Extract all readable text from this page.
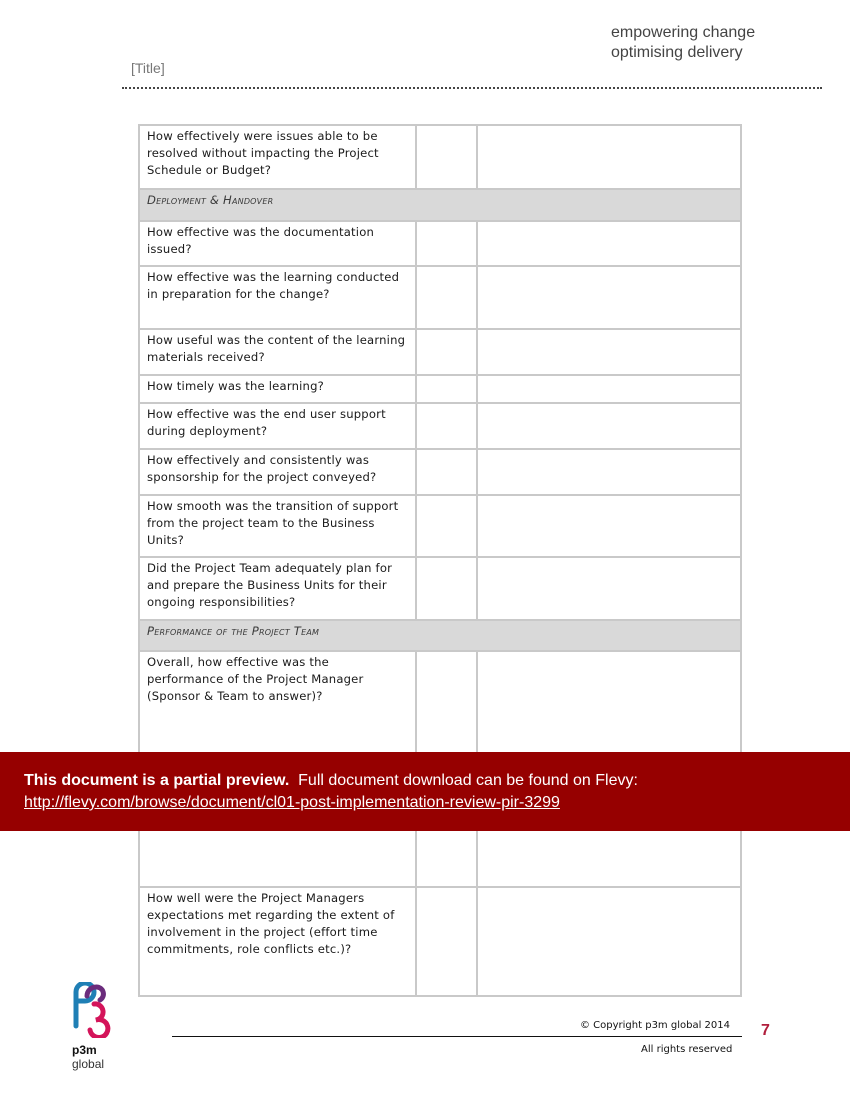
empowering change
optimising delivery
[Title]
How effectively were issues able to be resolved without impacting the Project Schedule or Budget?		
Deployment & Handover		
How effective was the documentation issued?		
How effective was the learning conducted in preparation for the change?		
How useful was the content of the learning materials received?		
How timely was the learning?		
How effective was the end user support during deployment?		
How effectively and consistently was sponsorship for the project conveyed?		
How smooth was the transition of support from the project team to the Business Units?		
Did the Project Team adequately plan for and prepare the Business Units for their ongoing responsibilities?		
Performance of the Project Team		
Overall, how effective was the performance of the Project Manager (Sponsor & Team to answer)?		
How well were the Project Managers expectations met regarding the extent of involvement in the project (effort time commitments, role conflicts etc.)?		
This document is a partial preview. Full document download can be found on Flevy:
http://flevy.com/browse/document/cl01-post-implementation-review-pir-3299
p3m
global
© Copyright p3m global 2014
All rights reserved
7
